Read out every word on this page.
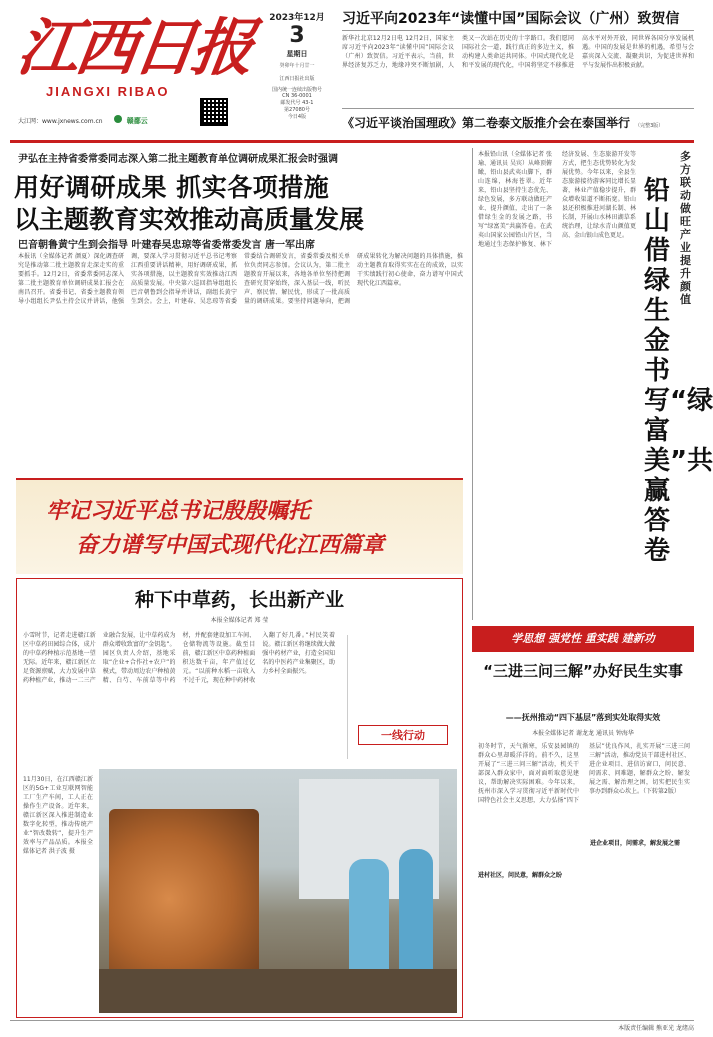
江西日报
JIANGXI RIBAO
大江网：www.jxnews.com.cn	赣鄱云
2023年12月
3
星期日
癸卯年十月廿一
江西日报社出版
国内统一连续出版物号
CN 36-0001
邮发代号 43-1
第27080号
今日4版
习近平向2023年“读懂中国”国际会议（广州）致贺信
新华社北京12月2日电 12月2日，国家主席习近平向2023年“读懂中国”国际会议（广州）致贺信。习近平表示，当前，世界经济复苏乏力，地缘冲突不断加剧，人类又一次站在历史的十字路口。我们愿同国际社会一道，践行真正的多边主义，推动构建人类命运共同体。中国式现代化是和平发展的现代化，中国将坚定不移推进高水平对外开放，同世界各国分享发展机遇。中国的发展是世界的机遇，希望与会嘉宾深入交流、凝聚共识，为促进世界和平与发展作出积极贡献。
《习近平谈治国理政》第二卷泰文版推介会在泰国举行 （完整3版）
尹弘在主持省委常委同志深入第二批主题教育单位调研成果汇报会时强调
用好调研成果 抓实各项措施
以主题教育实效推动高质量发展
巴音朝鲁黄宁生到会指导 叶建春吴忠琼等省委常委发言 唐一军出席
本报讯（全媒体记者 颜夏）深化调查研究是推动第二批主题教育走深走实的重要抓手。12月2日，省委常委同志深入第二批主题教育单位调研成果汇报会在南昌召开。省委书记、省委主题教育领导小组组长尹弘主持会议并讲话，他强调，要深入学习贯彻习近平总书记考察江西重要讲话精神，用好调研成果，抓实各项措施，以主题教育实效推动江西高质量发展。中央第六巡回指导组组长巴音朝鲁到会指导并讲话，副组长黄宁生到会。会上，叶建春、吴忠琼等省委常委结合调研发言，省委常委及相关单位负责同志参加。会议认为，第二批主题教育开展以来，各地各单位坚持把调查研究贯穿始终，深入基层一线，听民声、察民情、解民忧，形成了一批高质量的调研成果。要坚持问题导向，把调研成果转化为解决问题的具体措施，推动主题教育取得实实在在的成效，以实干实绩践行初心使命，奋力谱写中国式现代化江西篇章。
本报铅山讯（全媒体记者 张瑜、通讯员 吴宾）从峰顶俯瞰，铅山县武夷山脚下，群山连绵，林海苍翠。近年来，铅山县坚持生态优先、绿色发展，多方联动做旺产业、提升颜值，走出了一条借绿生金的发展之路，书写“绿富美”共赢答卷。在武夷山国家公园铅山片区，当地通过生态保护修复、林下经济发展、生态旅游开发等方式，把生态优势转化为发展优势。今年以来，全县生态旅游接待游客同比增长显著，林业产值稳步提升，群众增收渠道不断拓宽。铅山县还积极推进河湖长制、林长制，开展山水林田湖草系统治理，让绿水青山颜值更高、金山银山成色更足。
多方联动 做旺产业 提升颜值
铅山借绿生金书写“绿富美”共赢答卷
牢记习近平总书记殷殷嘱托
奋力谱写中国式现代化江西篇章
种下中草药，长出新产业
本报全媒体记者 郑 莹
小雪时节，记者走进赣江新区中草药田园综合体，成片的中草药种植示范基地一望无际。近年来，赣江新区立足资源禀赋，大力发展中草药种植产业，推动一二三产业融合发展，让中草药成为群众增收致富的“金钥匙”。园区负责人介绍，基地采取“企业+合作社+农户”的模式，带动周边农户种植黄精、白芍、车前草等中药材，并配套建设加工车间、仓储物流等设施。截至目前，赣江新区中草药种植面积达数千亩，年产值过亿元。“以前种水稻一亩收入不过千元，现在种中药材收入翻了好几番。”村民笑着说。赣江新区将继续做大做强中药材产业，打造全国知名的中医药产业集聚区，助力乡村全面振兴。
一线行动
11月30日，在江西赣江新区的5G+工业互联网智能工厂生产车间，工人正在操作生产设备。近年来，赣江新区深入推进制造业数字化转型，推动传统产业“智改数转”，提升生产效率与产品品质。本报全媒体记者 洪子波 摄
学思想 强党性 重实践 建新功
“三进三问三解”办好民生实事
——抚州推动“四下基层”落到实处取得实效
本报全媒体记者 谢龙龙 通讯员 钟海华
初冬时节，天气渐寒，乐安县园镇的群众心里却暖洋洋的。前不久，这里开展了“三进三问三解”活动，机关干部深入群众家中，面对面听取意见建议，帮助解决实际困难。今年以来，抚州市深入学习贯彻习近平新时代中国特色社会主义思想，大力弘扬“四下基层”优良作风，扎实开展“三进三问三解”活动，推动党员干部进村社区、进企业项目、进信访窗口，问民意、问需求、问难题，解群众之盼、解发展之需、解治理之困，切实把民生实事办到群众心坎上。（下转第2版）
进村社区，问民意，解群众之盼
进企业项目，问需求，解发展之需
本版责任编辑 熊亚光 龙绪高
